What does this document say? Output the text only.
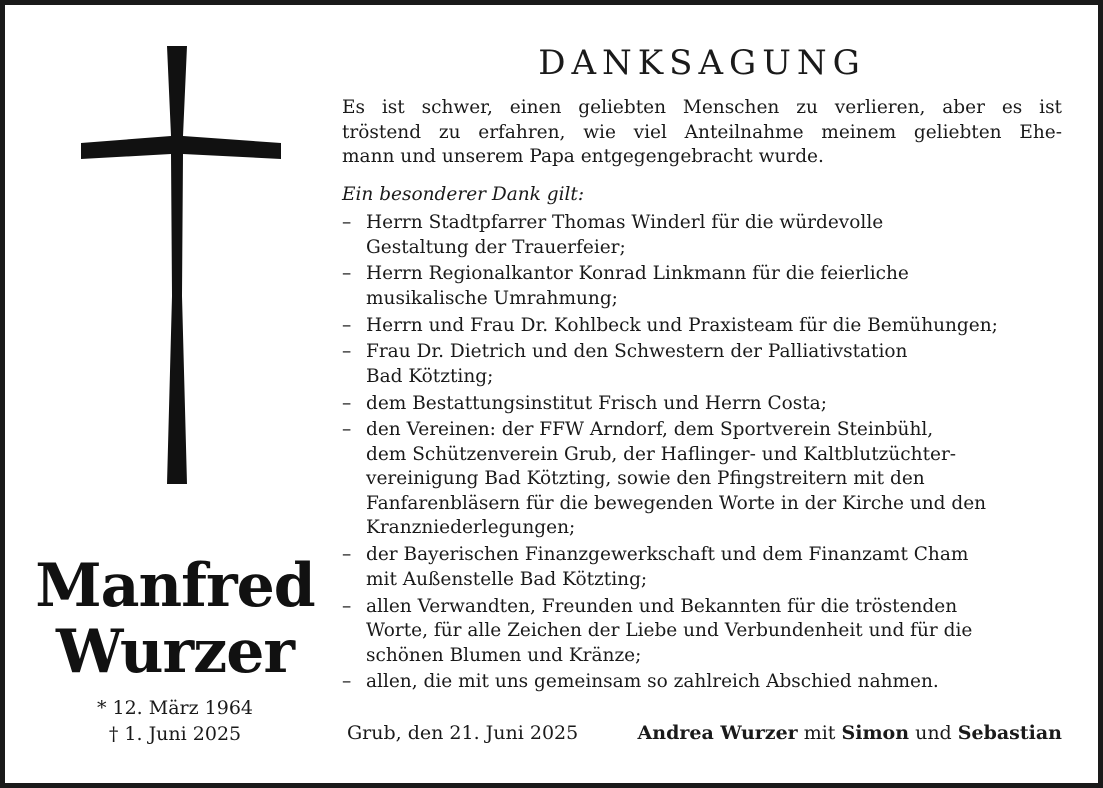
Manfred
Wurzer
* 12. März 1964
† 1. Juni 2025
DANKSAGUNG
Es ist schwer, einen geliebten Menschen zu verlieren, aber es ist
tröstend zu erfahren, wie viel Anteilnahme meinem geliebten Ehe-
mann und unserem Papa entgegengebracht wurde.
Ein besonderer Dank gilt:
– Herrn Stadtpfarrer Thomas Winderl für die würdevolle
Gestaltung der Trauerfeier;
– Herrn Regionalkantor Konrad Linkmann für die feierliche
musikalische Umrahmung;
– Herrn und Frau Dr. Kohlbeck und Praxisteam für die Bemühungen;
– Frau Dr. Dietrich und den Schwestern der Palliativstation
Bad Kötzting;
– dem Bestattungsinstitut Frisch und Herrn Costa;
– den Vereinen: der FFW Arndorf, dem Sportverein Steinbühl,
dem Schützenverein Grub, der Haflinger- und Kaltblutzüchter-
vereinigung Bad Kötzting, sowie den Pfingstreitern mit den
Fanfarenbläsern für die bewegenden Worte in der Kirche und den
Kranzniederlegungen;
– der Bayerischen Finanzgewerkschaft und dem Finanzamt Cham
mit Außenstelle Bad Kötzting;
– allen Verwandten, Freunden und Bekannten für die tröstenden
Worte, für alle Zeichen der Liebe und Verbundenheit und für die
schönen Blumen und Kränze;
– allen, die mit uns gemeinsam so zahlreich Abschied nahmen.
Grub, den 21. Juni 2025	Andrea Wurzer mit Simon und Sebastian
